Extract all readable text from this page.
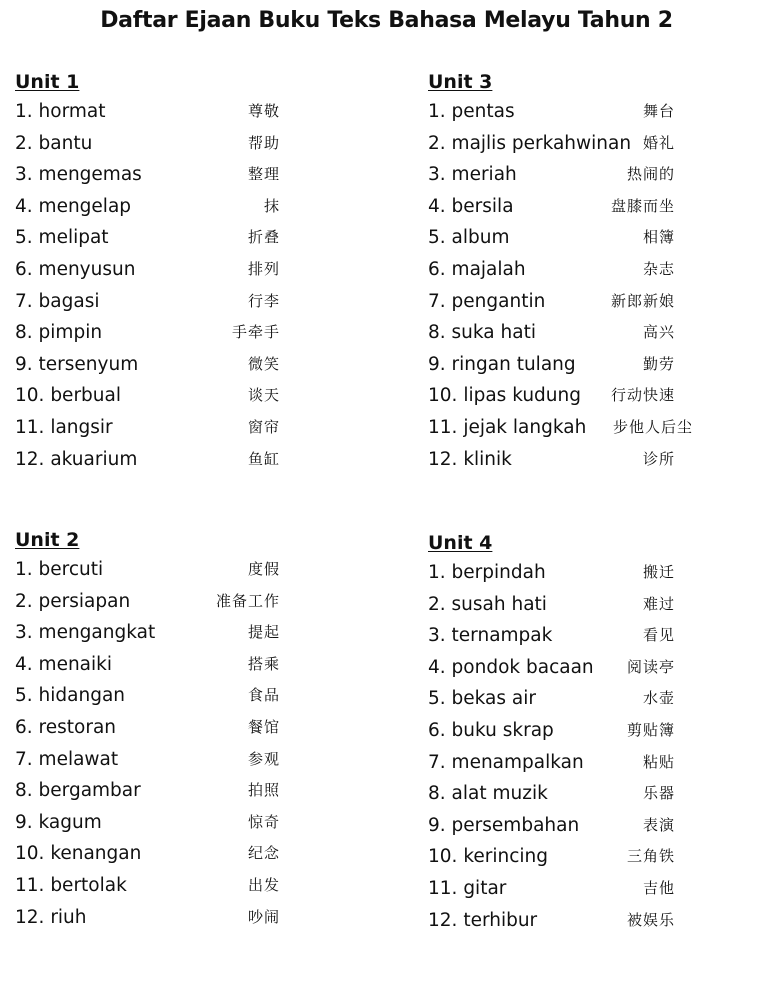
Daftar Ejaan Buku Teks Bahasa Melayu Tahun 2
Unit 1
1. hormat	尊敬
2. bantu	帮助
3. mengemas	整理
4. mengelap	抹
5. melipat	折叠
6. menyusun	排列
7. bagasi	行李
8. pimpin	手牵手
9. tersenyum	微笑
10. berbual	谈天
11. langsir	窗帘
12. akuarium	鱼缸
Unit 3
1. pentas	舞台
2. majlis perkahwinan 婚礼
3. meriah	热闹的
4. bersila	盘膝而坐
5. album	相簿
6. majalah	杂志
7. pengantin	新郎新娘
8. suka hati	高兴
9. ringan tulang	勤劳
10. lipas kudung 行动快速
11. jejak langkah 步他人后尘
12. klinik	诊所
Unit 2
1. bercuti	度假
2. persiapan	准备工作
3. mengangkat	提起
4. menaiki	搭乘
5. hidangan	食品
6. restoran	餐馆
7. melawat	参观
8. bergambar	拍照
9. kagum	惊奇
10. kenangan	纪念
11. bertolak	出发
12. riuh	吵闹
Unit 4
1. berpindah	搬迁
2. susah hati	难过
3. ternampak	看见
4. pondok bacaan 阅读亭
5. bekas air	水壶
6. buku skrap	剪贴簿
7. menampalkan	粘贴
8. alat muzik	乐器
9. persembahan	表演
10. kerincing	三角铁
11. gitar	吉他
12. terhibur	被娱乐
